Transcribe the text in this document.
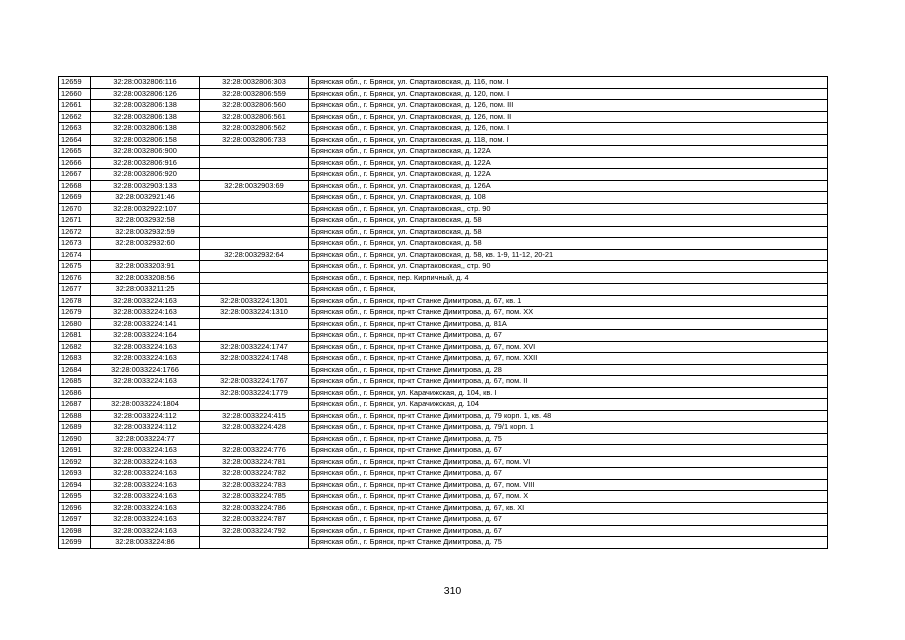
12659	32:28:0032806:116	32:28:0032806:303	Брянская обл., г. Брянск, ул. Спартаковская, д. 116, пом. I
12660	32:28:0032806:126	32:28:0032806:559	Брянская обл., г. Брянск, ул. Спартаковская, д. 120, пом. I
12661	32:28:0032806:138	32:28:0032806:560	Брянская обл., г. Брянск, ул. Спартаковская, д. 126, пом. III
12662	32:28:0032806:138	32:28:0032806:561	Брянская обл., г. Брянск, ул. Спартаковская, д. 126, пом. II
12663	32:28:0032806:138	32:28:0032806:562	Брянская обл., г. Брянск, ул. Спартаковская, д. 126, пом. I
12664	32:28:0032806:158	32:28:0032806:733	Брянская обл., г. Брянск, ул. Спартаковская, д. 118, пом. I
12665	32:28:0032806:900		Брянская обл., г. Брянск, ул. Спартаковская, д. 122А
12666	32:28:0032806:916		Брянская обл., г. Брянск, ул. Спартаковская, д. 122А
12667	32:28:0032806:920		Брянская обл., г. Брянск, ул. Спартаковская, д. 122А
12668	32:28:0032903:133	32:28:0032903:69	Брянская обл., г. Брянск, ул. Спартаковская, д. 126А
12669	32:28:0032921:46		Брянская обл., г. Брянск, ул. Спартаковская, д. 108
12670	32:28:0032922:107		Брянская обл., г. Брянск, ул. Спартаковская,, стр. 90
12671	32:28:0032932:58		Брянская обл., г. Брянск, ул. Спартаковская, д. 58
12672	32:28:0032932:59		Брянская обл., г. Брянск, ул. Спартаковская, д. 58
12673	32:28:0032932:60		Брянская обл., г. Брянск, ул. Спартаковская, д. 58
12674		32:28:0032932:64	Брянская обл., г. Брянск, ул. Спартаковская, д. 58, кв. 1-9, 11-12, 20-21
12675	32:28:0033203:91		Брянская обл., г. Брянск, ул. Спартаковская,, стр. 90
12676	32:28:0033208:56		Брянская обл., г. Брянск, пер. Кирпичный, д. 4
12677	32:28:0033211:25		Брянская обл., г. Брянск,
12678	32:28:0033224:163	32:28:0033224:1301	Брянская обл., г. Брянск, пр-кт Станке Димитрова, д. 67, кв. 1
12679	32:28:0033224:163	32:28:0033224:1310	Брянская обл., г. Брянск, пр-кт Станке Димитрова, д. 67, пом. XX
12680	32:28:0033224:141		Брянская обл., г. Брянск, пр-кт Станке Димитрова, д. 81А
12681	32:28:0033224:164		Брянская обл., г. Брянск, пр-кт Станке Димитрова, д. 67
12682	32:28:0033224:163	32:28:0033224:1747	Брянская обл., г. Брянск, пр-кт Станке Димитрова, д. 67, пом. XVI
12683	32:28:0033224:163	32:28:0033224:1748	Брянская обл., г. Брянск, пр-кт Станке Димитрова, д. 67, пом. XXII
12684	32:28:0033224:1766		Брянская обл., г. Брянск, пр-кт Станке Димитрова, д. 28
12685	32:28:0033224:163	32:28:0033224:1767	Брянская обл., г. Брянск, пр-кт Станке Димитрова, д. 67, пом. II
12686		32:28:0033224:1779	Брянская обл., г. Брянск, ул. Карачижская, д. 104, кв. I
12687	32:28:0033224:1804		Брянская обл., г. Брянск, ул. Карачижская, д. 104
12688	32:28:0033224:112	32:28:0033224:415	Брянская обл., г. Брянск, пр-кт Станке Димитрова, д. 79 корп. 1, кв. 48
12689	32:28:0033224:112	32:28:0033224:428	Брянская обл., г. Брянск, пр-кт Станке Димитрова, д. 79/1 корп. 1
12690	32:28:0033224:77		Брянская обл., г. Брянск, пр-кт Станке Димитрова, д. 75
12691	32:28:0033224:163	32:28:0033224:776	Брянская обл., г. Брянск, пр-кт Станке Димитрова, д. 67
12692	32:28:0033224:163	32:28:0033224:781	Брянская обл., г. Брянск, пр-кт Станке Димитрова, д. 67, пом. VI
12693	32:28:0033224:163	32:28:0033224:782	Брянская обл., г. Брянск, пр-кт Станке Димитрова, д. 67
12694	32:28:0033224:163	32:28:0033224:783	Брянская обл., г. Брянск, пр-кт Станке Димитрова, д. 67, пом. VIII
12695	32:28:0033224:163	32:28:0033224:785	Брянская обл., г. Брянск, пр-кт Станке Димитрова, д. 67, пом. X
12696	32:28:0033224:163	32:28:0033224:786	Брянская обл., г. Брянск, пр-кт Станке Димитрова, д. 67, кв. XI
12697	32:28:0033224:163	32:28:0033224:787	Брянская обл., г. Брянск, пр-кт Станке Димитрова, д. 67
12698	32:28:0033224:163	32:28:0033224:792	Брянская обл., г. Брянск, пр-кт Станке Димитрова, д. 67
12699	32:28:0033224:86		Брянская обл., г. Брянск, пр-кт Станке Димитрова, д. 75
310
